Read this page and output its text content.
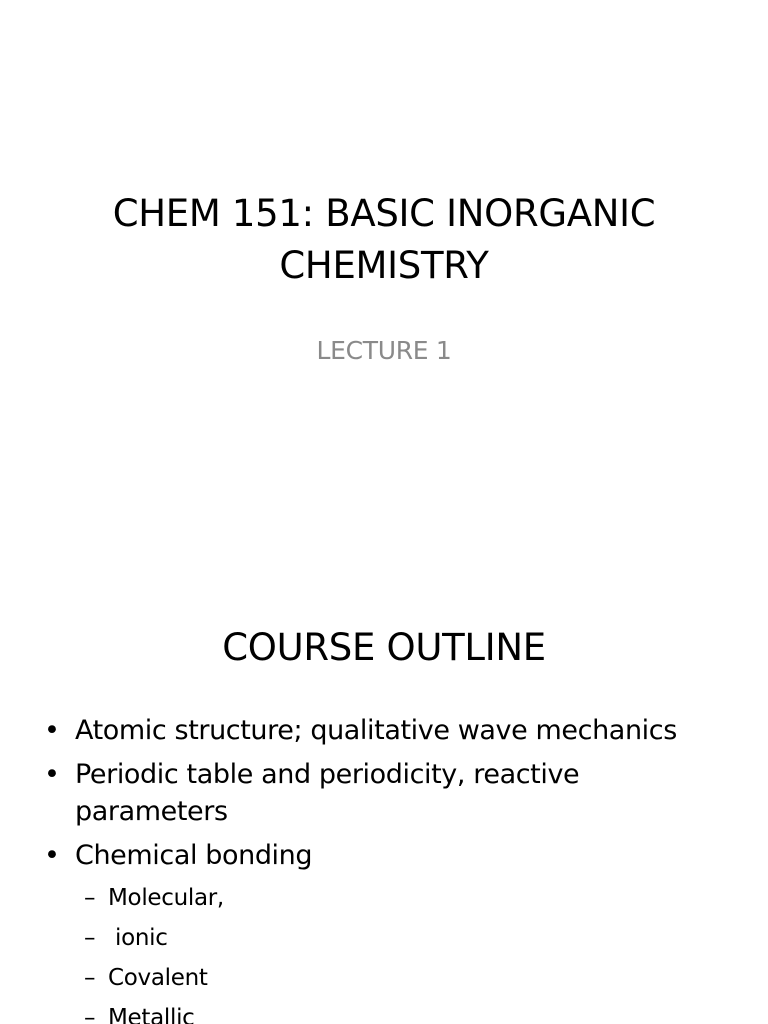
CHEM 151: BASIC INORGANIC CHEMISTRY
LECTURE 1
COURSE OUTLINE
• Atomic structure; qualitative wave mechanics
• Periodic table and periodicity, reactive parameters
• Chemical bonding
– Molecular,
– ionic
– Covalent
– Metallic
